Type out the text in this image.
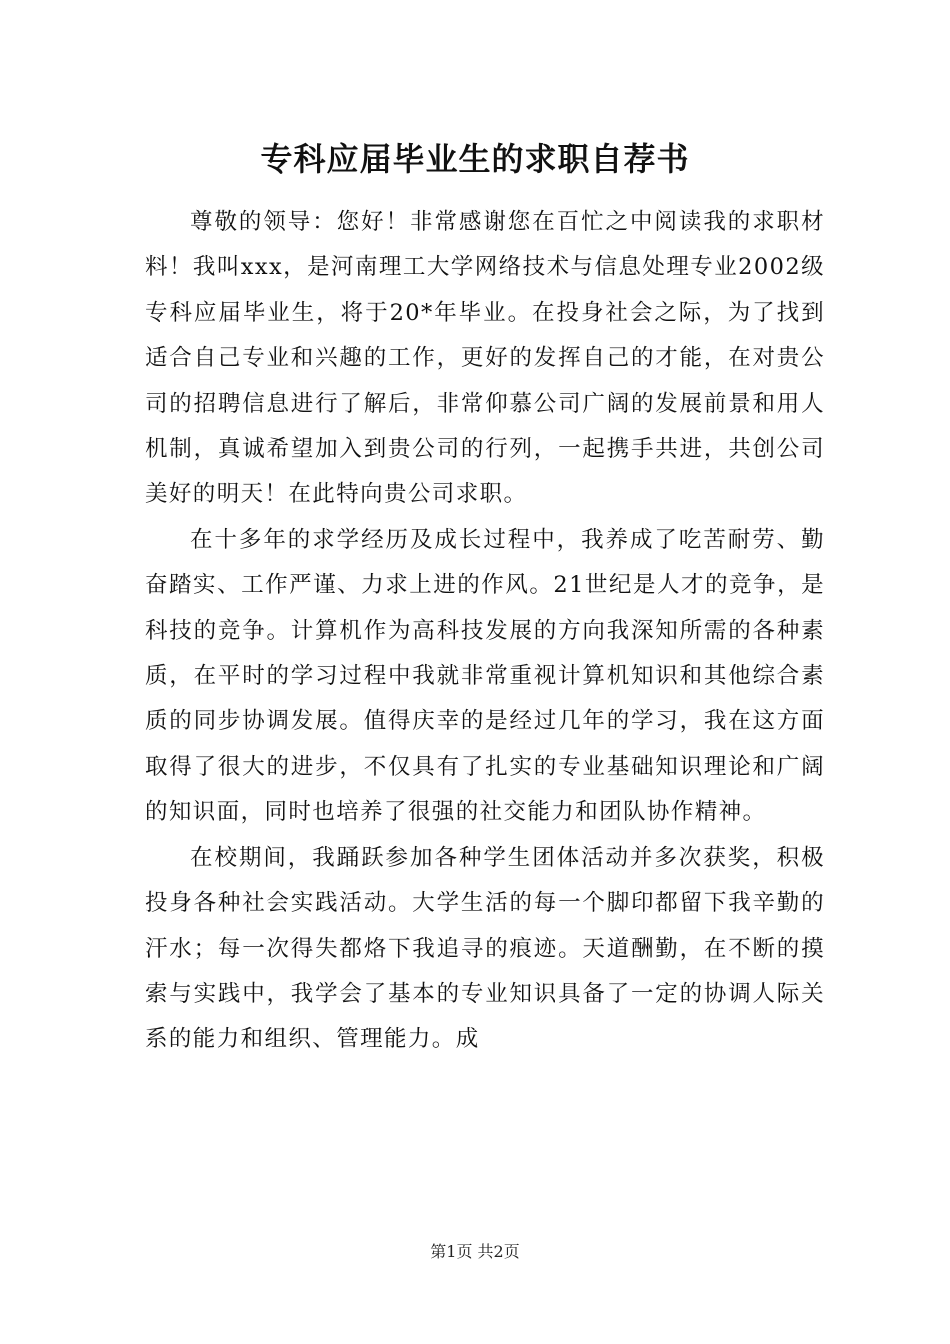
专科应届毕业生的求职自荐书

尊敬的领导：您好！非常感谢您在百忙之中阅读我的求职材料！我叫xxx，是河南理工大学网络技术与信息处理专业2002级专科应届毕业生，将于20*年毕业。在投身社会之际，为了找到适合自己专业和兴趣的工作，更好的发挥自己的才能，在对贵公司的招聘信息进行了解后，非常仰慕公司广阔的发展前景和用人机制，真诚希望加入到贵公司的行列，一起携手共进，共创公司美好的明天！在此特向贵公司求职。

在十多年的求学经历及成长过程中，我养成了吃苦耐劳、勤奋踏实、工作严谨、力求上进的作风。21世纪是人才的竞争，是科技的竞争。计算机作为高科技发展的方向我深知所需的各种素质，在平时的学习过程中我就非常重视计算机知识和其他综合素质的同步协调发展。值得庆幸的是经过几年的学习，我在这方面取得了很大的进步，不仅具有了扎实的专业基础知识理论和广阔的知识面，同时也培养了很强的社交能力和团队协作精神。

在校期间，我踊跃参加各种学生团体活动并多次获奖，积极投身各种社会实践活动。大学生活的每一个脚印都留下我辛勤的汗水；每一次得失都烙下我追寻的痕迹。天道酬勤，在不断的摸索与实践中，我学会了基本的专业知识具备了一定的协调人际关系的能力和组织、管理能力。成

第1页 共2页
